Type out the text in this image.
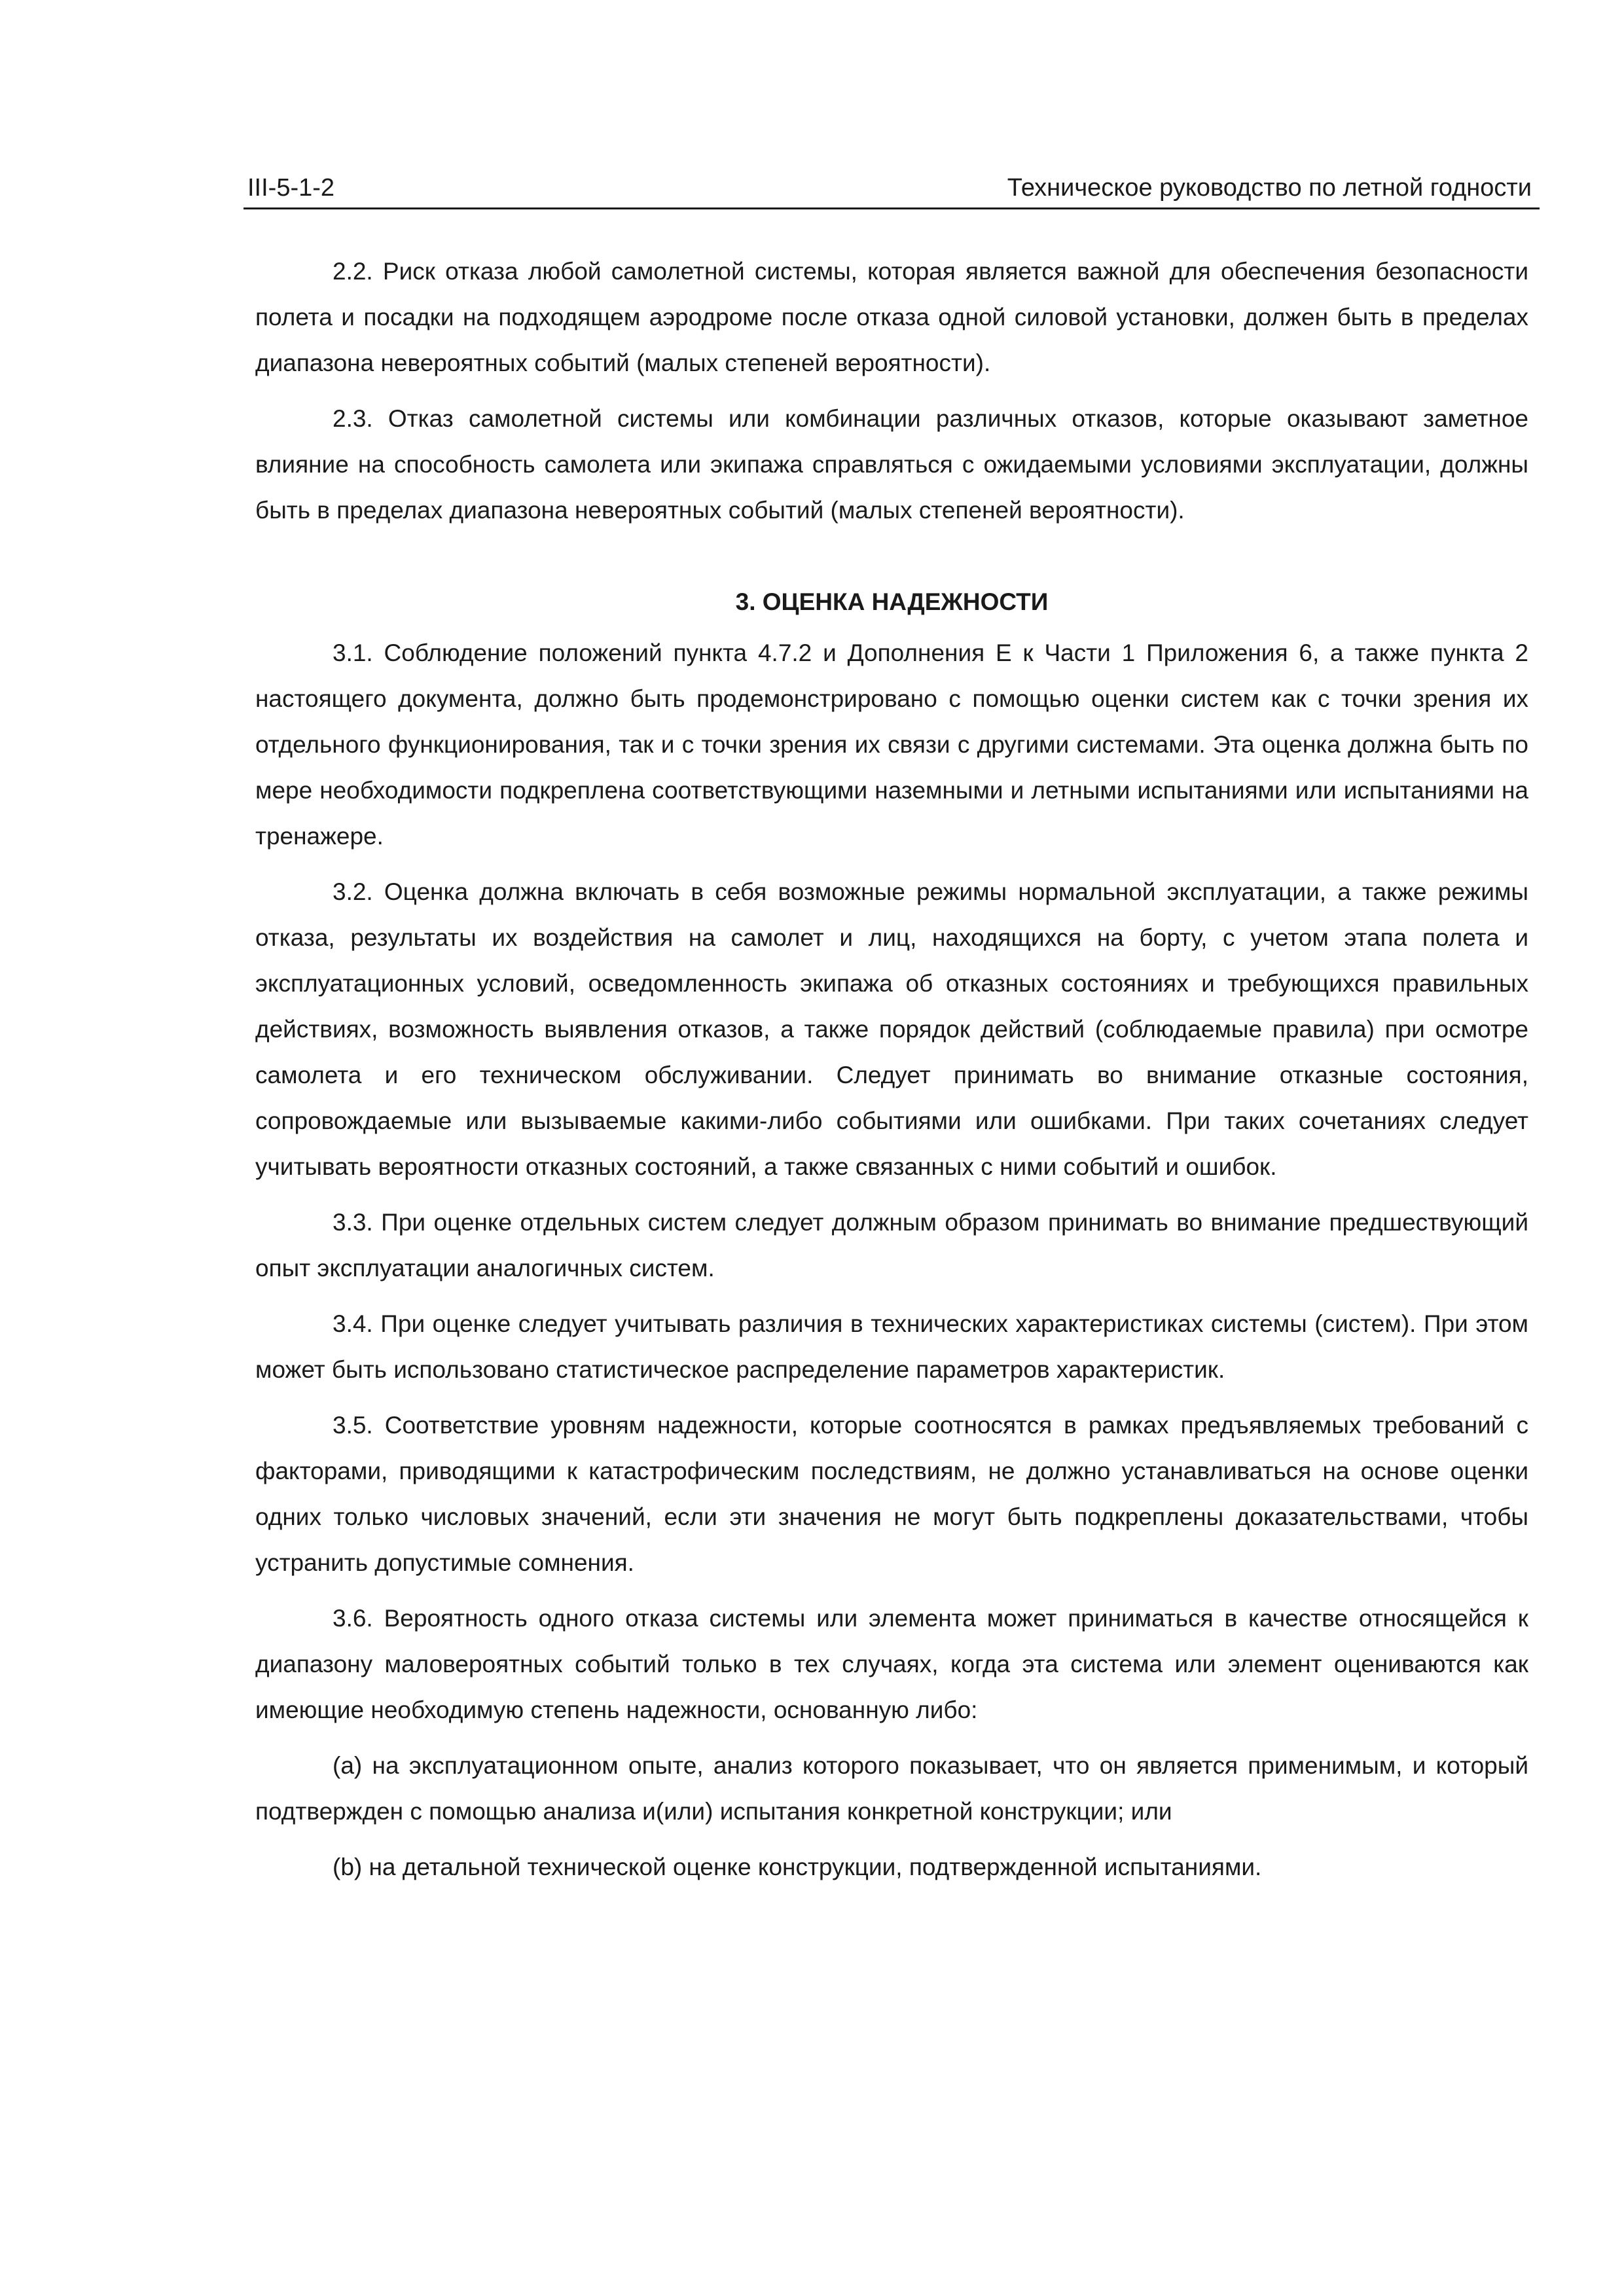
III-5-1-2	Техническое руководство по летной годности

2.2. Риск отказа любой самолетной системы, которая является важной для обеспечения безопасности полета и посадки на подходящем аэродроме после отказа одной силовой установки, должен быть в пределах диапазона невероятных событий (малых степеней вероятности).

2.3. Отказ самолетной системы или комбинации различных отказов, которые оказывают заметное влияние на способность самолета или экипажа справляться с ожидаемыми условиями эксплуатации, должны быть в пределах диапазона невероятных событий (малых степеней вероятности).

3. ОЦЕНКА НАДЕЖНОСТИ

3.1. Соблюдение положений пункта 4.7.2 и Дополнения E к Части 1 Приложения 6, а также пункта 2 настоящего документа, должно быть продемонстрировано с помощью оценки систем как с точки зрения их отдельного функционирования, так и с точки зрения их связи с другими системами. Эта оценка должна быть по мере необходимости подкреплена соответствующими наземными и летными испытаниями или испытаниями на тренажере.

3.2. Оценка должна включать в себя возможные режимы нормальной эксплуатации, а также режимы отказа, результаты их воздействия на самолет и лиц, находящихся на борту, с учетом этапа полета и эксплуатационных условий, осведомленность экипажа об отказных состояниях и требующихся правильных действиях, возможность выявления отказов, а также порядок действий (соблюдаемые правила) при осмотре самолета и его техническом обслуживании. Следует принимать во внимание отказные состояния, сопровождаемые или вызываемые какими-либо событиями или ошибками. При таких сочетаниях следует учитывать вероятности отказных состояний, а также связанных с ними событий и ошибок.

3.3. При оценке отдельных систем следует должным образом принимать во внимание предшествующий опыт эксплуатации аналогичных систем.

3.4. При оценке следует учитывать различия в технических характеристиках системы (систем). При этом может быть использовано статистическое распределение параметров характеристик.

3.5. Соответствие уровням надежности, которые соотносятся в рамках предъявляемых требований с факторами, приводящими к катастрофическим последствиям, не должно устанавливаться на основе оценки одних только числовых значений, если эти значения не могут быть подкреплены доказательствами, чтобы устранить допустимые сомнения.

3.6. Вероятность одного отказа системы или элемента может приниматься в качестве относящейся к диапазону маловероятных событий только в тех случаях, когда эта система или элемент оцениваются как имеющие необходимую степень надежности, основанную либо:

(a) на эксплуатационном опыте, анализ которого показывает, что он является применимым, и который подтвержден с помощью анализа и(или) испытания конкретной конструкции; или

(b) на детальной технической оценке конструкции, подтвержденной испытаниями.
